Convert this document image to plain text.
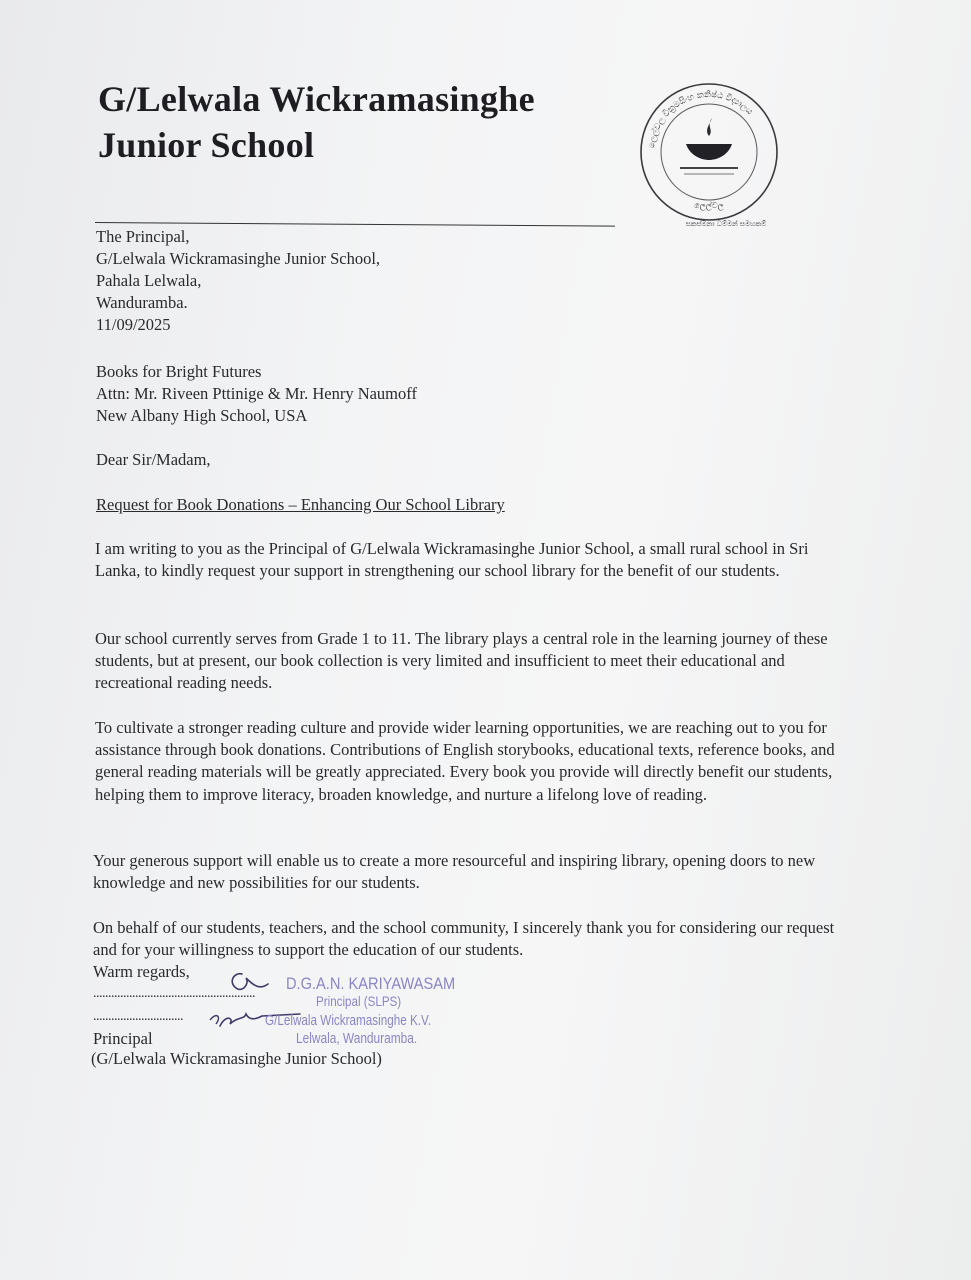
G/Lelwala Wickramasinghe
Junior School	ලෙල්වල වික්‍රමසිංහ කනිෂ්ඨ විද්‍යාලය
ලෙල්වල
සකස්මනා ධම්මන් සමහකම්
The Principal,
G/Lelwala Wickramasinghe Junior School,
Pahala Lelwala,
Wanduramba.
11/09/2025
Books for Bright Futures
Attn: Mr. Riveen Pttinige & Mr. Henry Naumoff
New Albany High School, USA
Dear Sir/Madam,
Request for Book Donations – Enhancing Our School Library
I am writing to you as the Principal of G/Lelwala Wickramasinghe Junior School, a small rural school in Sri Lanka, to kindly request your support in strengthening our school library for the benefit of our students.
Our school currently serves from Grade 1 to 11. The library plays a central role in the learning journey of these students, but at present, our book collection is very limited and insufficient to meet their educational and recreational reading needs.
To cultivate a stronger reading culture and provide wider learning opportunities, we are reaching out to you for assistance through book donations. Contributions of English storybooks, educational texts, reference books, and general reading materials will be greatly appreciated. Every book you provide will directly benefit our students, helping them to improve literacy, broaden knowledge, and nurture a lifelong love of reading.
Your generous support will enable us to create a more resourceful and inspiring library, opening doors to new knowledge and new possibilities for our students.
On behalf of our students, teachers, and the school community, I sincerely thank you for considering our request and for your willingness to support the education of our students.
Warm regards,
......................................................
..............................
Principal
(G/Lelwala Wickramasinghe Junior School)
D.G.A.N. KARIYAWASAM
Principal (SLPS)
G/Lelwala Wickramasinghe K.V.
Lelwala, Wanduramba.
